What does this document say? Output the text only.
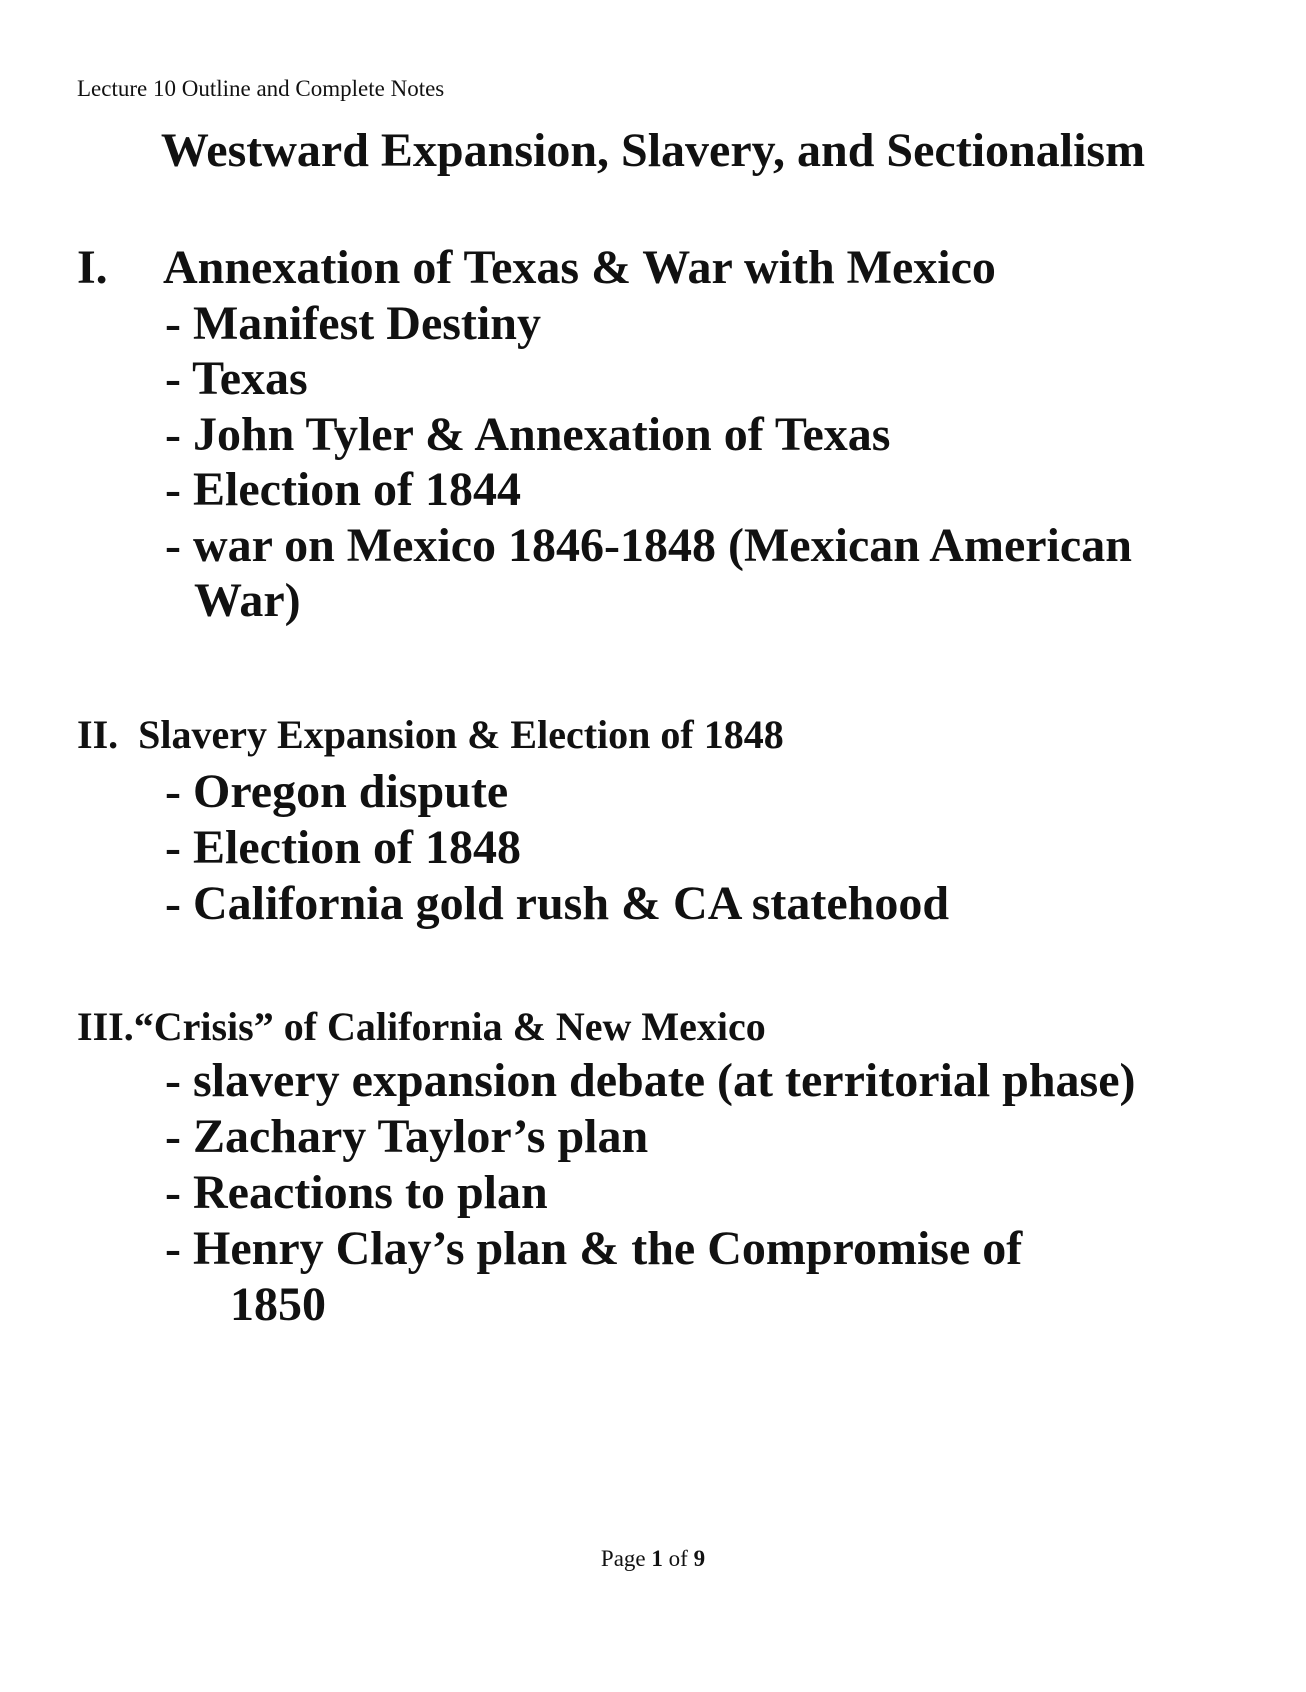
Lecture 10 Outline and Complete Notes
Westward Expansion, Slavery, and Sectionalism
I. Annexation of Texas & War with Mexico
- Manifest Destiny
- Texas
- John Tyler & Annexation of Texas
- Election of 1844
- war on Mexico 1846-1848 (Mexican American
War)
II. Slavery Expansion & Election of 1848
- Oregon dispute
- Election of 1848
- California gold rush & CA statehood
III.“Crisis” of California & New Mexico
- slavery expansion debate (at territorial phase)
- Zachary Taylor’s plan
- Reactions to plan
- Henry Clay’s plan & the Compromise of
1850
Page 1 of 9
